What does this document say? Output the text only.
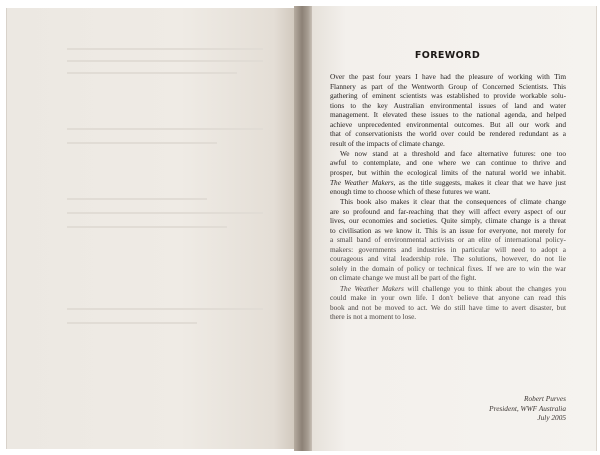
FOREWORD
Over the past four years I have had the pleasure of working with Tim
Flannery as part of the Wentworth Group of Concerned Scientists. This
gathering of eminent scientists was established to provide workable solu-
tions to the key Australian environmental issues of land and water
management. It elevated these issues to the national agenda, and helped
achieve unprecedented environmental outcomes. But all our work and
that of conservationists the world over could be rendered redundant as a
result of the impacts of climate change.
We now stand at a threshold and face alternative futures: one too
awful to contemplate, and one where we can continue to thrive and
prosper, but within the ecological limits of the natural world we inhabit.
The Weather Makers, as the title suggests, makes it clear that we have just
enough time to choose which of these futures we want.
This book also makes it clear that the consequences of climate change
are so profound and far-reaching that they will affect every aspect of our
lives, our economies and societies. Quite simply, climate change is a threat
to civilisation as we know it. This is an issue for everyone, not merely for
a small band of environmental activists or an elite of international policy-
makers: governments and industries in particular will need to adopt a
courageous and vital leadership role. The solutions, however, do not lie
solely in the domain of policy or technical fixes. If we are to win the war
on climate change we must all be part of the fight.
The Weather Makers will challenge you to think about the changes you
could make in your own life. I don't believe that anyone can read this
book and not be moved to act. We do still have time to avert disaster, but
there is not a moment to lose.
Robert Purves
President, WWF Australia
July 2005
